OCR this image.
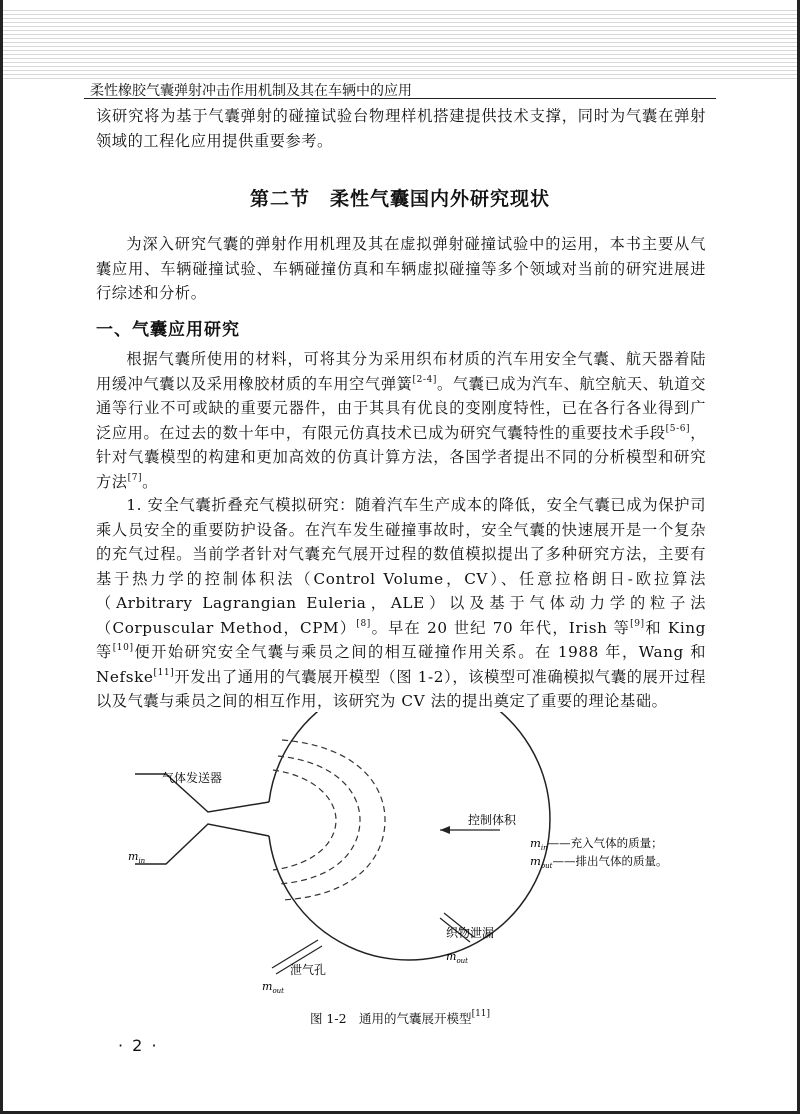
柔性橡胶气囊弹射冲击作用机制及其在车辆中的应用

该研究将为基于气囊弹射的碰撞试验台物理样机搭建提供技术支撑，同时为气囊在弹射领域的工程化应用提供重要参考。

第二节　柔性气囊国内外研究现状

为深入研究气囊的弹射作用机理及其在虚拟弹射碰撞试验中的运用，本书主要从气囊应用、车辆碰撞试验、车辆碰撞仿真和车辆虚拟碰撞等多个领域对当前的研究进展进行综述和分析。

一、气囊应用研究

根据气囊所使用的材料，可将其分为采用织布材质的汽车用安全气囊、航天器着陆用缓冲气囊以及采用橡胶材质的车用空气弹簧[2-4]。气囊已成为汽车、航空航天、轨道交通等行业不可或缺的重要元器件，由于其具有优良的变刚度特性，已在各行各业得到广泛应用。在过去的数十年中，有限元仿真技术已成为研究气囊特性的重要技术手段[5-6]，针对气囊模型的构建和更加高效的仿真计算方法，各国学者提出不同的分析模型和研究方法[7]。

1. 安全气囊折叠充气模拟研究：随着汽车生产成本的降低，安全气囊已成为保护司乘人员安全的重要防护设备。在汽车发生碰撞事故时，安全气囊的快速展开是一个复杂的充气过程。当前学者针对气囊充气展开过程的数值模拟提出了多种研究方法，主要有基于热力学的控制体积法（Control Volume，CV）、任意拉格朗日-欧拉算法（Arbitrary Lagrangian Euleria，ALE）以及基于气体动力学的粒子法（Corpuscular Method，CPM）[8]。早在 20 世纪 70 年代，Irish 等[9]和 King 等[10]便开始研究安全气囊与乘员之间的相互碰撞作用关系。在 1988 年，Wang 和 Nefske[11]开发出了通用的气囊展开模型（图 1-2），该模型可准确模拟气囊的展开过程以及气囊与乘员之间的相互作用，该研究为 CV 法的提出奠定了重要的理论基础。

气体发送器
控制体积
织物泄漏
泄气孔
$m_{in}$
$m_{out}$
$m_{out}$
$m_{in}——$充入气体的质量；
$m_{out}——$排出气体的质量。
图 1-2　通用的气囊展开模型[11]
· 2 ·
